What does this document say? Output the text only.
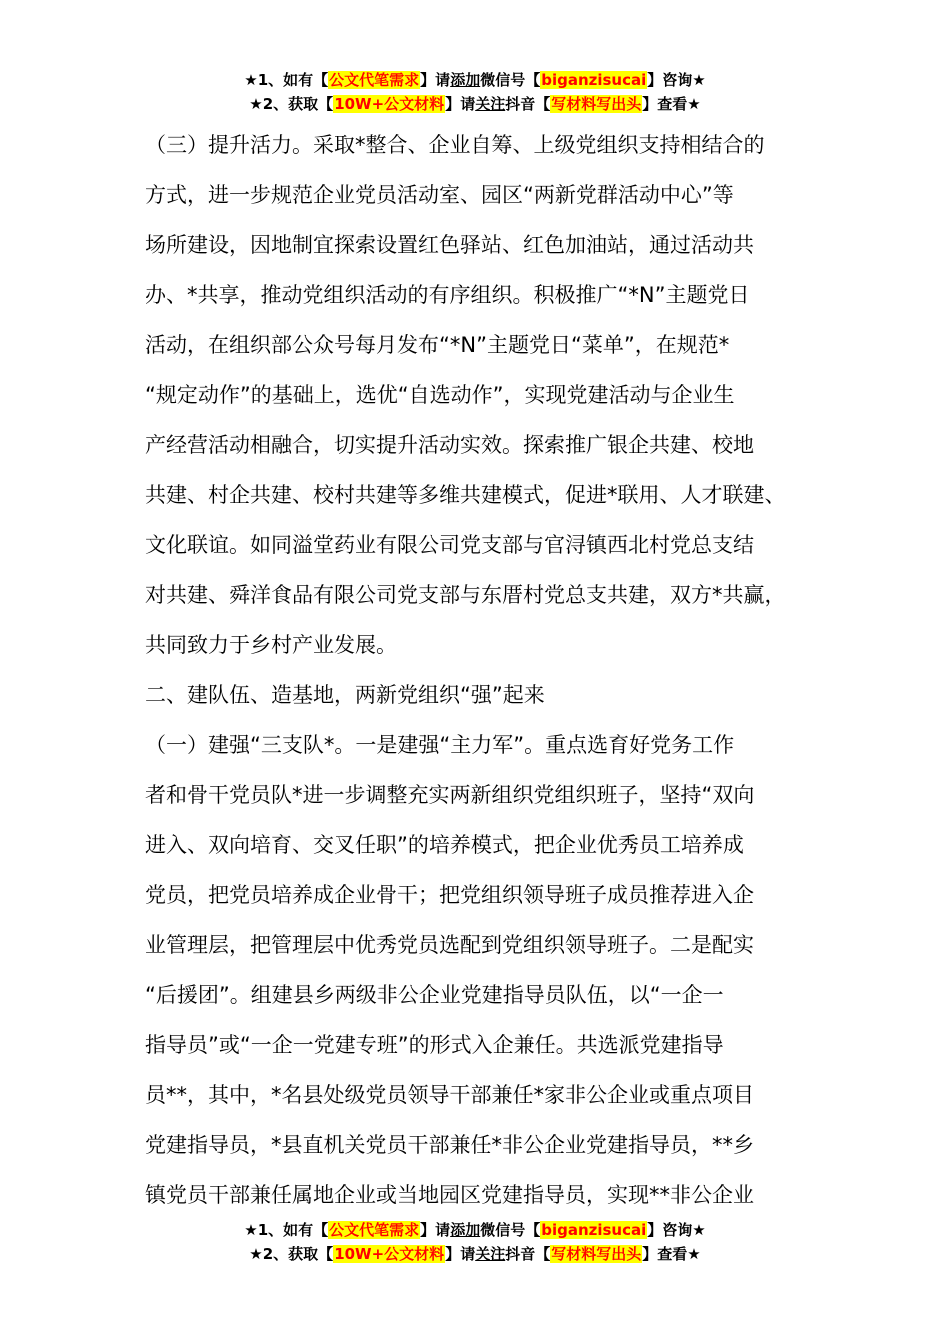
★1、如有【公文代笔需求】请添加微信号【biganzisucai】咨询★
★2、获取【10W+公文材料】请关注抖音【写材料写出头】查看★
（三）提升活力。采取*整合、企业自筹、上级党组织支持相结合的
方式，进一步规范企业党员活动室、园区“两新党群活动中心”等
场所建设，因地制宜探索设置红色驿站、红色加油站，通过活动共
办、*共享，推动党组织活动的有序组织。积极推广“*N”主题党日
活动，在组织部公众号每月发布“*N”主题党日“菜单”，在规范*
“规定动作”的基础上，选优“自选动作”，实现党建活动与企业生
产经营活动相融合，切实提升活动实效。探索推广银企共建、校地
共建、村企共建、校村共建等多维共建模式，促进*联用、人才联建、
文化联谊。如同溢堂药业有限公司党支部与官浔镇西北村党总支结
对共建、舜洋食品有限公司党支部与东厝村党总支共建，双方*共赢，
共同致力于乡村产业发展。
二、建队伍、造基地，两新党组织“强”起来
（一）建强“三支队*。一是建强“主力军”。重点选育好党务工作
者和骨干党员队*进一步调整充实两新组织党组织班子，坚持“双向
进入、双向培育、交叉任职”的培养模式，把企业优秀员工培养成
党员，把党员培养成企业骨干；把党组织领导班子成员推荐进入企
业管理层，把管理层中优秀党员选配到党组织领导班子。二是配实
“后援团”。组建县乡两级非公企业党建指导员队伍，以“一企一
指导员”或“一企一党建专班”的形式入企兼任。共选派党建指导
员**，其中，*名县处级党员领导干部兼任*家非公企业或重点项目
党建指导员，*县直机关党员干部兼任*非公企业党建指导员，**乡
镇党员干部兼任属地企业或当地园区党建指导员，实现**非公企业
★1、如有【公文代笔需求】请添加微信号【biganzisucai】咨询★
★2、获取【10W+公文材料】请关注抖音【写材料写出头】查看★
